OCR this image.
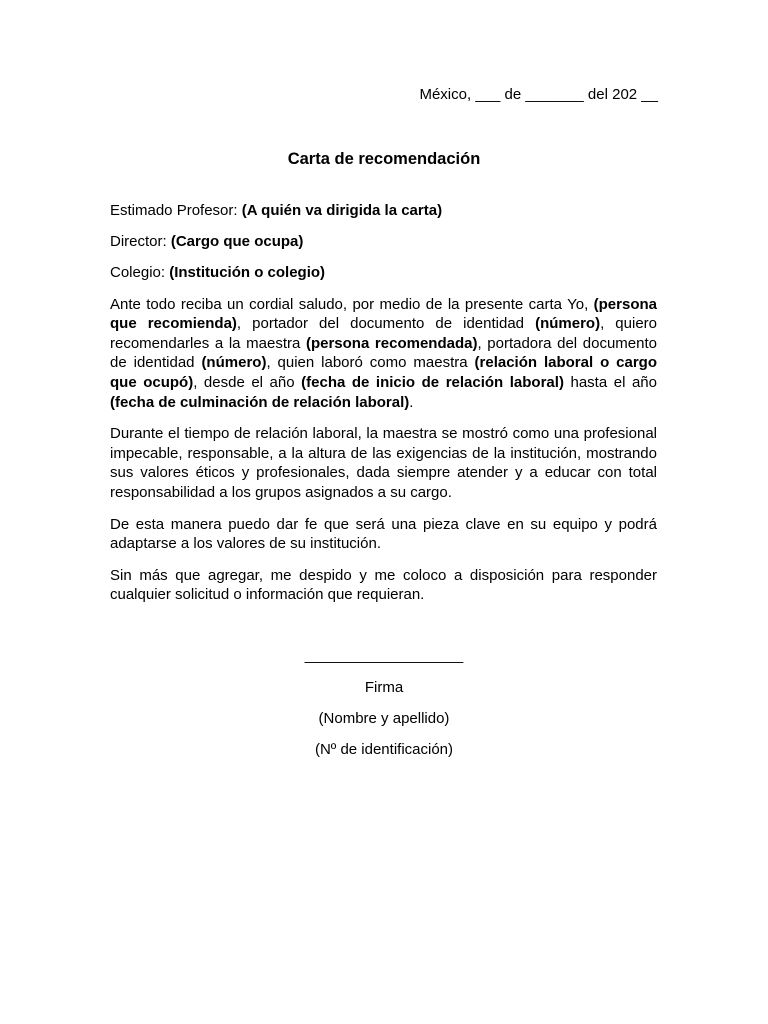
México, ___ de _______ del 202 __
Carta de recomendación

Estimado Profesor: (A quién va dirigida la carta)

Director: (Cargo que ocupa)

Colegio: (Institución o colegio)

Ante todo reciba un cordial saludo, por medio de la presente carta Yo, (persona que recomienda), portador del documento de identidad (número), quiero recomendarles a la maestra (persona recomendada), portadora del documento de identidad (número), quien laboró como maestra (relación laboral o cargo que ocupó), desde el año (fecha de inicio de relación laboral) hasta el año (fecha de culminación de relación laboral).

Durante el tiempo de relación laboral, la maestra se mostró como una profesional impecable, responsable, a la altura de las exigencias de la institución, mostrando sus valores éticos y profesionales, dada siempre atender y a educar con total responsabilidad a los grupos asignados a su cargo.

De esta manera puedo dar fe que será una pieza clave en su equipo y podrá adaptarse a los valores de su institución.

Sin más que agregar, me despido y me coloco a disposición para responder cualquier solicitud o información que requieran.

___________________
Firma
(Nombre y apellido)
(Nº de identificación)
